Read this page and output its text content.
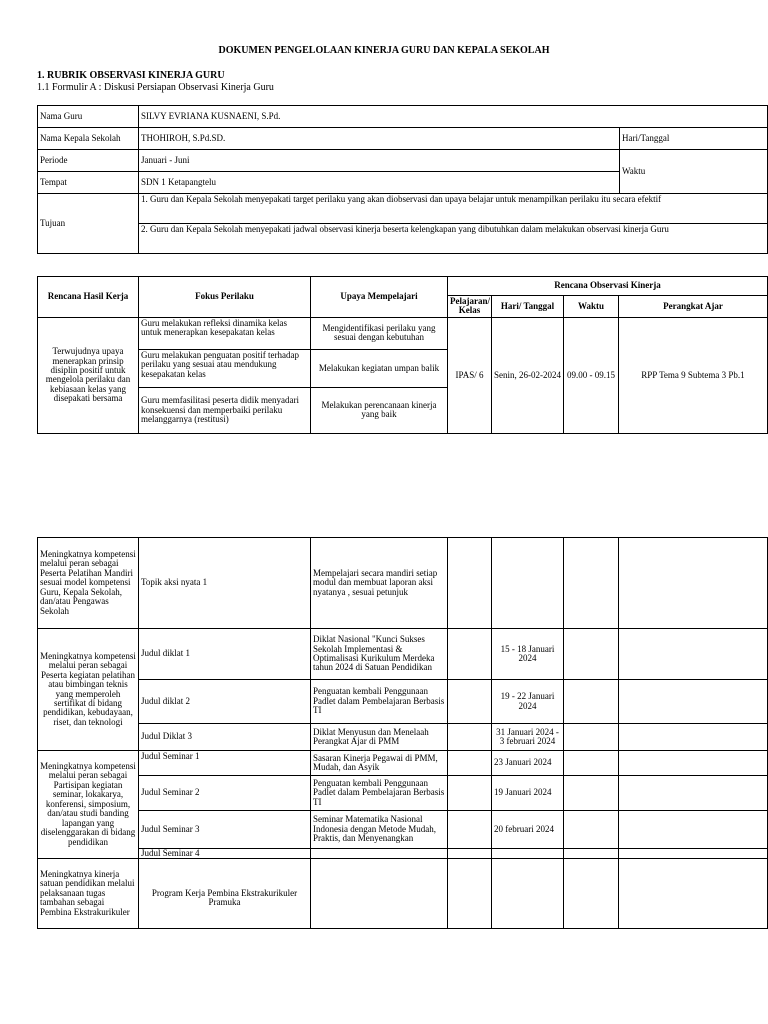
DOKUMEN PENGELOLAAN KINERJA GURU DAN KEPALA SEKOLAH
1. RUBRIK OBSERVASI KINERJA GURU
1.1 Formulir A : Diskusi Persiapan Observasi Kinerja Guru
Nama Guru	SILVY EVRIANA KUSNAENI, S.Pd.	
Nama Kepala Sekolah	THOHIROH, S.Pd.SD.	Hari/Tanggal
Periode	Januari - Juni	Waktu
Tempat	SDN 1 Ketapangtelu	
Tujuan	1. Guru dan Kepala Sekolah menyepakati target perilaku yang akan diobservasi dan upaya belajar untuk menampilkan perilaku itu secara efektif	
	2. Guru dan Kepala Sekolah menyepakati jadwal observasi kinerja beserta kelengkapan yang dibutuhkan dalam melakukan observasi kinerja Guru	
Rencana Hasil Kerja	Fokus Perilaku	Upaya Mempelajari	Rencana Observasi Kinerja			
			Pelajaran/ Kelas	Hari/ Tanggal	Waktu	Perangkat Ajar
Terwujudnya upaya menerapkan prinsip disiplin positif untuk mengelola perilaku dan kebiasaan kelas yang disepakati bersama	Guru melakukan refleksi dinamika kelas untuk menerapkan kesepakatan kelas	Mengidentifikasi perilaku yang sesuai dengan kebutuhan	IPAS/ 6	Senin, 26-02-2024	09.00 - 09.15	RPP Tema 9 Subtema 3 Pb.1
	Guru melakukan penguatan positif terhadap perilaku yang sesuai atau mendukung kesepakatan kelas	Melakukan kegiatan umpan balik				
	Guru memfasilitasi peserta didik menyadari konsekuensi dan memperbaiki perilaku melanggarnya (restitusi)	Melakukan perencanaan kinerja yang baik				
Meningkatnya kompetensi melalui peran sebagai Peserta Pelatihan Mandiri sesuai model kompetensi Guru, Kepala Sekolah, dan/atau Pengawas Sekolah	Topik aksi nyata 1	Mempelajari secara mandiri setiap modul dan membuat laporan aksi nyatanya , sesuai petunjuk				
Meningkatnya kompetensi melalui peran sebagai Peserta kegiatan pelatihan atau bimbingan teknis yang memperoleh sertifikat di bidang pendidikan, kebudayaan, riset, dan teknologi	Judul diklat 1	Diklat Nasional "Kunci Sukses Sekolah Implementasi & Optimalisasi Kurikulum Merdeka tahun 2024 di Satuan Pendidikan		15 - 18 Januari 2024		
	Judul diklat 2	Penguatan kembali Penggunaan Padlet dalam Pembelajaran Berbasis TI		19 - 22 Januari 2024		
	Judul Diklat 3	Diklat Menyusun dan Menelaah Perangkat Ajar di PMM		31 Januari 2024 - 3 februari 2024		
Meningkatnya kompetensi melalui peran sebagai Partisipan kegiatan seminar, lokakarya, konferensi, simposium, dan/atau studi banding lapangan yang diselenggarakan di bidang pendidikan	Judul Seminar 1	Sasaran Kinerja Pegawai di PMM, Mudah, dan Asyik		23 Januari 2024		
	Judul Seminar 2	Penguatan kembali Penggunaan Padlet dalam Pembelajaran Berbasis TI		19 Januari 2024		
	Judul Seminar 3	Seminar Matematika Nasional Indonesia dengan Metode Mudah, Praktis, dan Menyenangkan		20 februari 2024		
	Judul Seminar 4					
Meningkatnya kinerja satuan pendidikan melalui pelaksanaan tugas tambahan sebagai Pembina Ekstrakurikuler	Program Kerja Pembina Ekstrakurikuler Pramuka					
